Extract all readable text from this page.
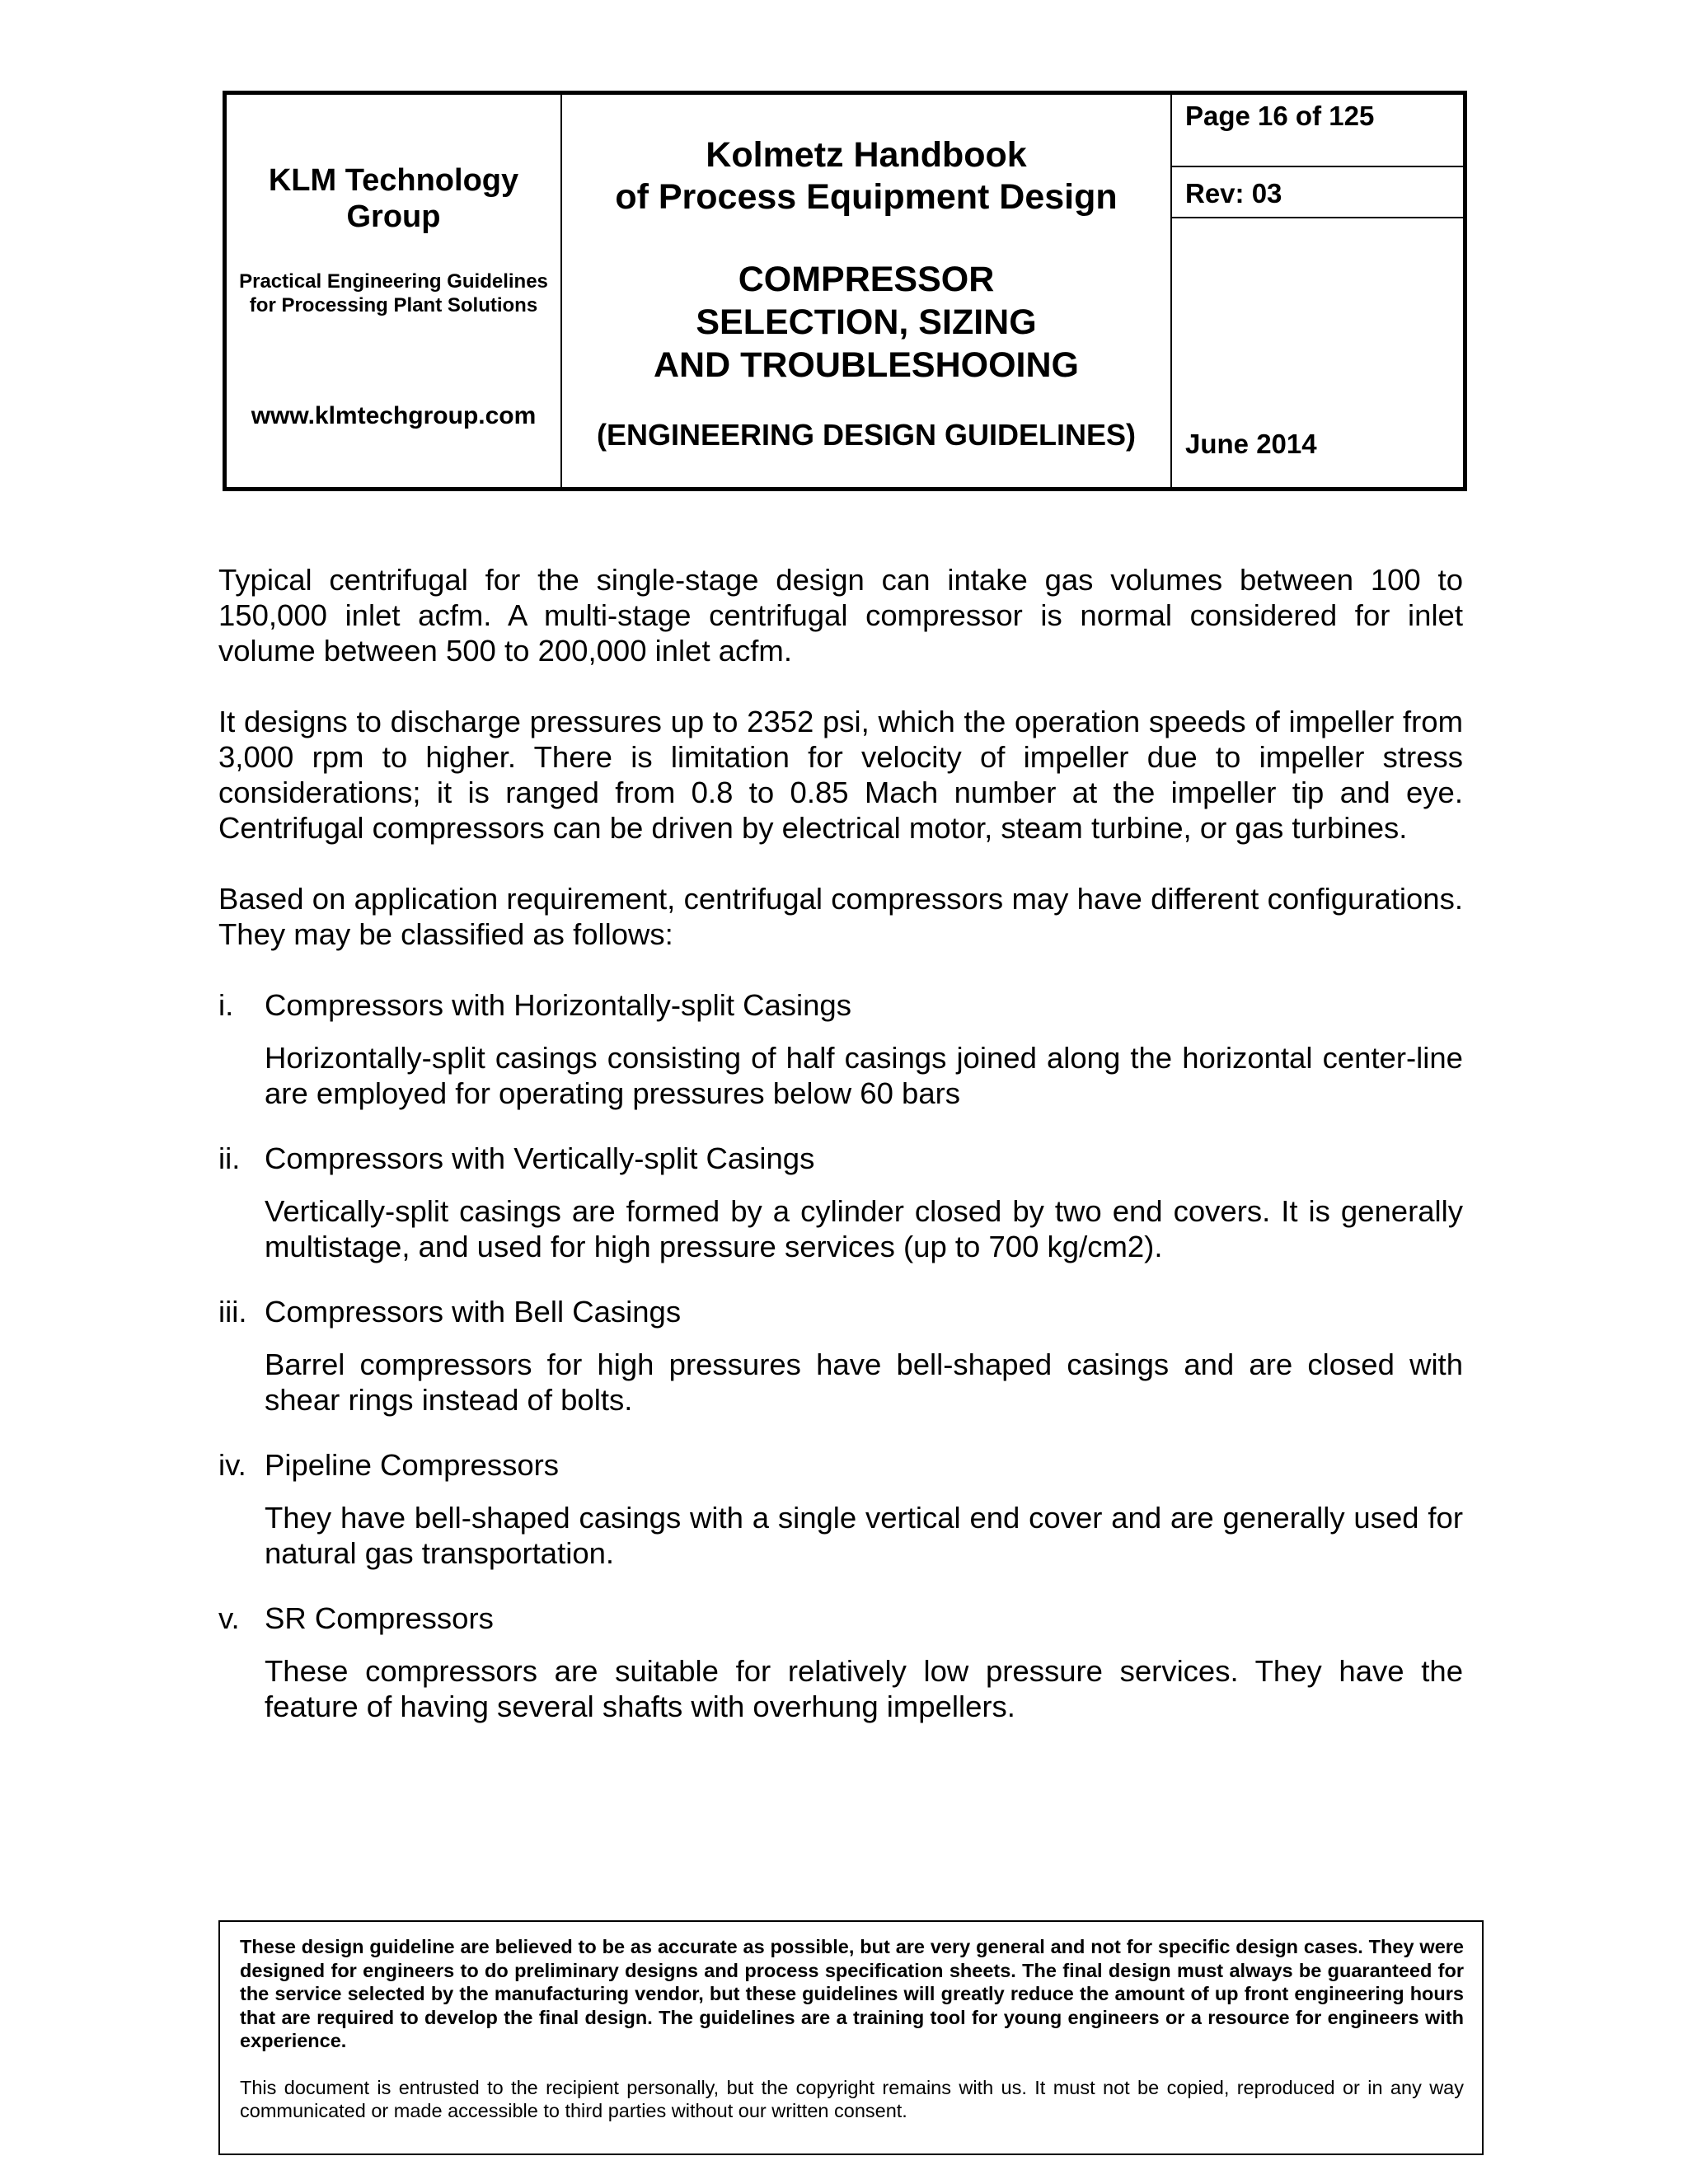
KLM Technology Group
Practical Engineering Guidelines for Processing Plant Solutions
www.klmtechgroup.com
Kolmetz Handbook
of Process Equipment Design
COMPRESSOR
SELECTION, SIZING
AND TROUBLESHOOING
(ENGINEERING DESIGN GUIDELINES)
Page 16 of 125
Rev: 03
June 2014

Typical centrifugal for the single-stage design can intake gas volumes between 100 to 150,000 inlet acfm. A multi-stage centrifugal compressor is normal considered for inlet volume between 500 to 200,000 inlet acfm.

It designs to discharge pressures up to 2352 psi, which the operation speeds of impeller from 3,000 rpm to higher. There is limitation for velocity of impeller due to impeller stress considerations; it is ranged from 0.8 to 0.85 Mach number at the impeller tip and eye. Centrifugal compressors can be driven by electrical motor, steam turbine, or gas turbines.

Based on application requirement, centrifugal compressors may have different configurations. They may be classified as follows:

i. Compressors with Horizontally-split Casings

Horizontally-split casings consisting of half casings joined along the horizontal center-line are employed for operating pressures below 60 bars

ii. Compressors with Vertically-split Casings

Vertically-split casings are formed by a cylinder closed by two end covers. It is generally multistage, and used for high pressure services (up to 700 kg/cm2).

iii. Compressors with Bell Casings

Barrel compressors for high pressures have bell-shaped casings and are closed with shear rings instead of bolts.

iv. Pipeline Compressors

They have bell-shaped casings with a single vertical end cover and are generally used for natural gas transportation.

v. SR Compressors

These compressors are suitable for relatively low pressure services. They have the feature of having several shafts with overhung impellers.

These design guideline are believed to be as accurate as possible, but are very general and not for specific design cases. They were designed for engineers to do preliminary designs and process specification sheets. The final design must always be guaranteed for the service selected by the manufacturing vendor, but these guidelines will greatly reduce the amount of up front engineering hours that are required to develop the final design. The guidelines are a training tool for young engineers or a resource for engineers with experience.

This document is entrusted to the recipient personally, but the copyright remains with us. It must not be copied, reproduced or in any way communicated or made accessible to third parties without our written consent.
